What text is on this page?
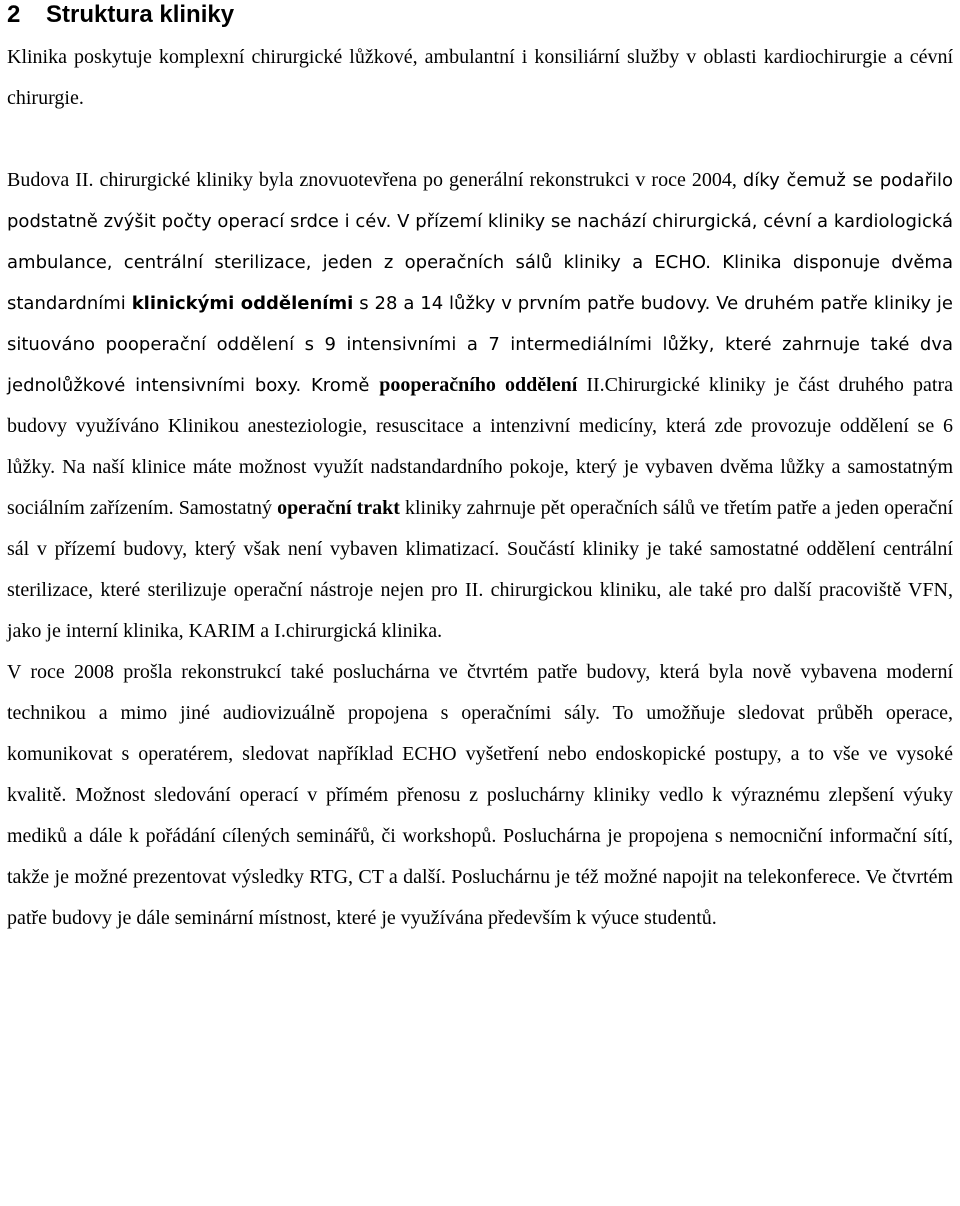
2 Struktura kliniky

Klinika poskytuje komplexní chirurgické lůžkové, ambulantní i konsiliární služby v oblasti kardiochirurgie a cévní chirurgie.

Budova II. chirurgické kliniky byla znovuotevřena po generální rekonstrukci v roce 2004, díky čemuž se podařilo podstatně zvýšit počty operací srdce i cév. V přízemí kliniky se nachází chirurgická, cévní a kardiologická ambulance, centrální sterilizace, jeden z operačních sálů kliniky a ECHO. Klinika disponuje dvěma standardními klinickými odděleními s 28 a 14 lůžky v prvním patře budovy. Ve druhém patře kliniky je situováno pooperační oddělení s 9 intensivními a 7 intermediálními lůžky, které zahrnuje také dva jednolůžkové intensivními boxy. Kromě pooperačního oddělení II.Chirurgické kliniky je část druhého patra budovy využíváno Klinikou anesteziologie, resuscitace a intenzivní medicíny, která zde provozuje oddělení se 6 lůžky. Na naší klinice máte možnost využít nadstandardního pokoje, který je vybaven dvěma lůžky a samostatným sociálním zařízením. Samostatný operační trakt kliniky zahrnuje pět operačních sálů ve třetím patře a jeden operační sál v přízemí budovy, který však není vybaven klimatizací. Součástí kliniky je také samostatné oddělení centrální sterilizace, které sterilizuje operační nástroje nejen pro II. chirurgickou kliniku, ale také pro další pracoviště VFN, jako je interní klinika, KARIM a I.chirurgická klinika.

V roce 2008 prošla rekonstrukcí také posluchárna ve čtvrtém patře budovy, která byla nově vybavena moderní technikou a mimo jiné audiovizuálně propojena s operačními sály. To umožňuje sledovat průběh operace, komunikovat s operatérem, sledovat například ECHO vyšetření nebo endoskopické postupy, a to vše ve vysoké kvalitě. Možnost sledování operací v přímém přenosu z posluchárny kliniky vedlo k výraznému zlepšení výuky mediků a dále k pořádání cílených seminářů, či workshopů. Posluchárna je propojena s nemocniční informační sítí, takže je možné prezentovat výsledky RTG, CT a další. Posluchárnu je též možné napojit na telekonferece. Ve čtvrtém patře budovy je dále seminární místnost, které je využívána především k výuce studentů.
